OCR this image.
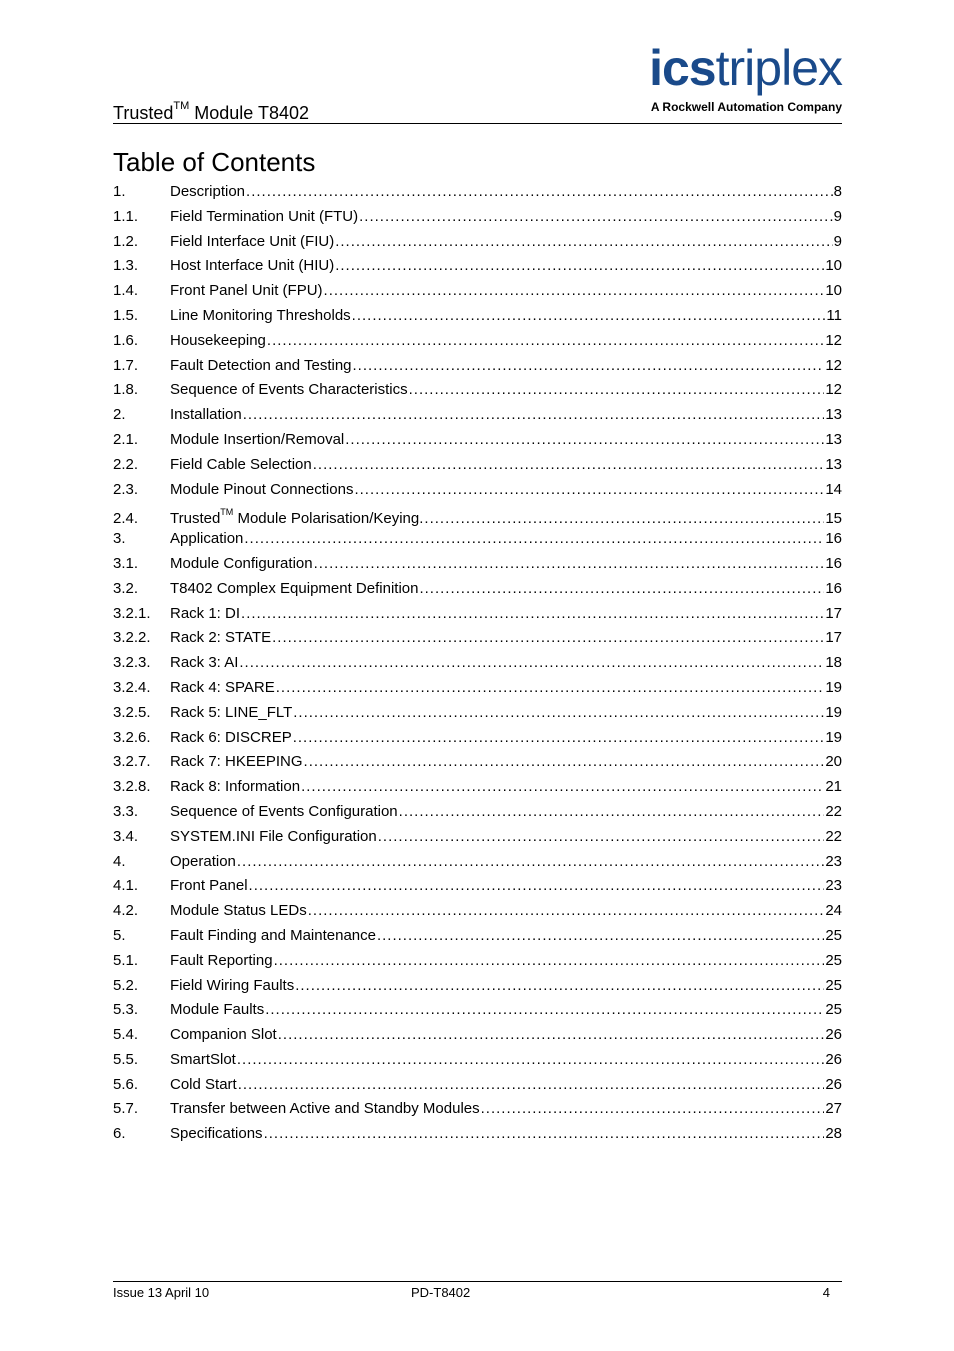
Trusted™ Module T8402
icstriplex
A Rockwell Automation Company
Table of Contents
1.	Description .....	8
1.1.	Field Termination Unit (FTU) .....	9
1.2.	Field Interface Unit (FIU) .....	9
1.3.	Host Interface Unit (HIU) .....	10
1.4.	Front Panel Unit (FPU) .....	10
1.5.	Line Monitoring Thresholds .....	11
1.6.	Housekeeping .....	12
1.7.	Fault Detection and Testing .....	12
1.8.	Sequence of Events Characteristics .....	12
2.	Installation .....	13
2.1.	Module Insertion/Removal .....	13
2.2.	Field Cable Selection .....	13
2.3.	Module Pinout Connections .....	14
2.4.	Trusted™ Module Polarisation/Keying. .....	15
3.	Application .....	16
3.1.	Module Configuration .....	16
3.2.	T8402 Complex Equipment Definition .....	16
3.2.1.	Rack 1: DI .....	17
3.2.2.	Rack 2: STATE .....	17
3.2.3.	Rack 3: AI .....	18
3.2.4.	Rack 4: SPARE .....	19
3.2.5.	Rack 5: LINE_FLT .....	19
3.2.6.	Rack 6: DISCREP .....	19
3.2.7.	Rack 7: HKEEPING .....	20
3.2.8.	Rack 8: Information .....	21
3.3.	Sequence of Events Configuration .....	22
3.4.	SYSTEM.INI File Configuration .....	22
4.	Operation .....	23
4.1.	Front Panel .....	23
4.2.	Module Status LEDs .....	24
5.	Fault Finding and Maintenance .....	25
5.1.	Fault Reporting .....	25
5.2.	Field Wiring Faults .....	25
5.3.	Module Faults .....	25
5.4.	Companion Slot .....	26
5.5.	SmartSlot .....	26
5.6.	Cold Start .....	26
5.7.	Transfer between Active and Standby Modules .....	27
6.	Specifications .....	28
Issue 13 April 10	PD-T8402	4
